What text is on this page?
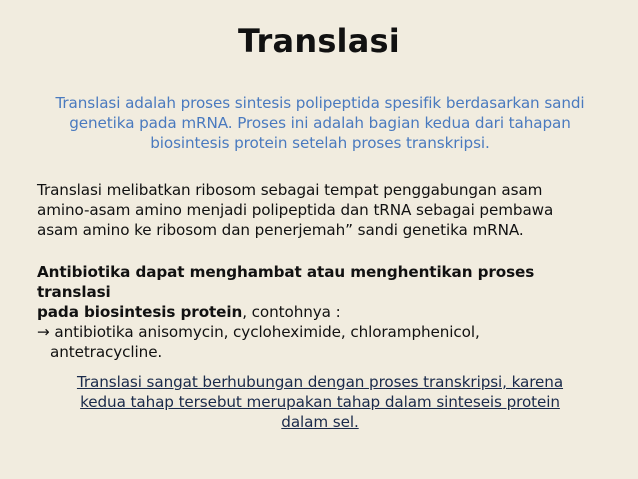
Translasi
Translasi adalah proses sintesis polipeptida spesifik berdasarkan sandi
genetika pada mRNA. Proses ini adalah bagian kedua dari tahapan
biosintesis protein setelah proses transkripsi.
Translasi melibatkan ribosom sebagai tempat penggabungan asam
amino-asam amino menjadi polipeptida dan tRNA sebagai pembawa
asam amino ke ribosom dan penerjemah” sandi genetika mRNA.
Antibiotika dapat menghambat atau menghentikan proses translasi
pada biosintesis protein, contohnya :
→ antibiotika anisomycin, cycloheximide, chloramphenicol,
antetracycline.
Translasi sangat berhubungan dengan proses transkripsi, karena
kedua tahap tersebut merupakan tahap dalam sinteseis protein
dalam sel.
